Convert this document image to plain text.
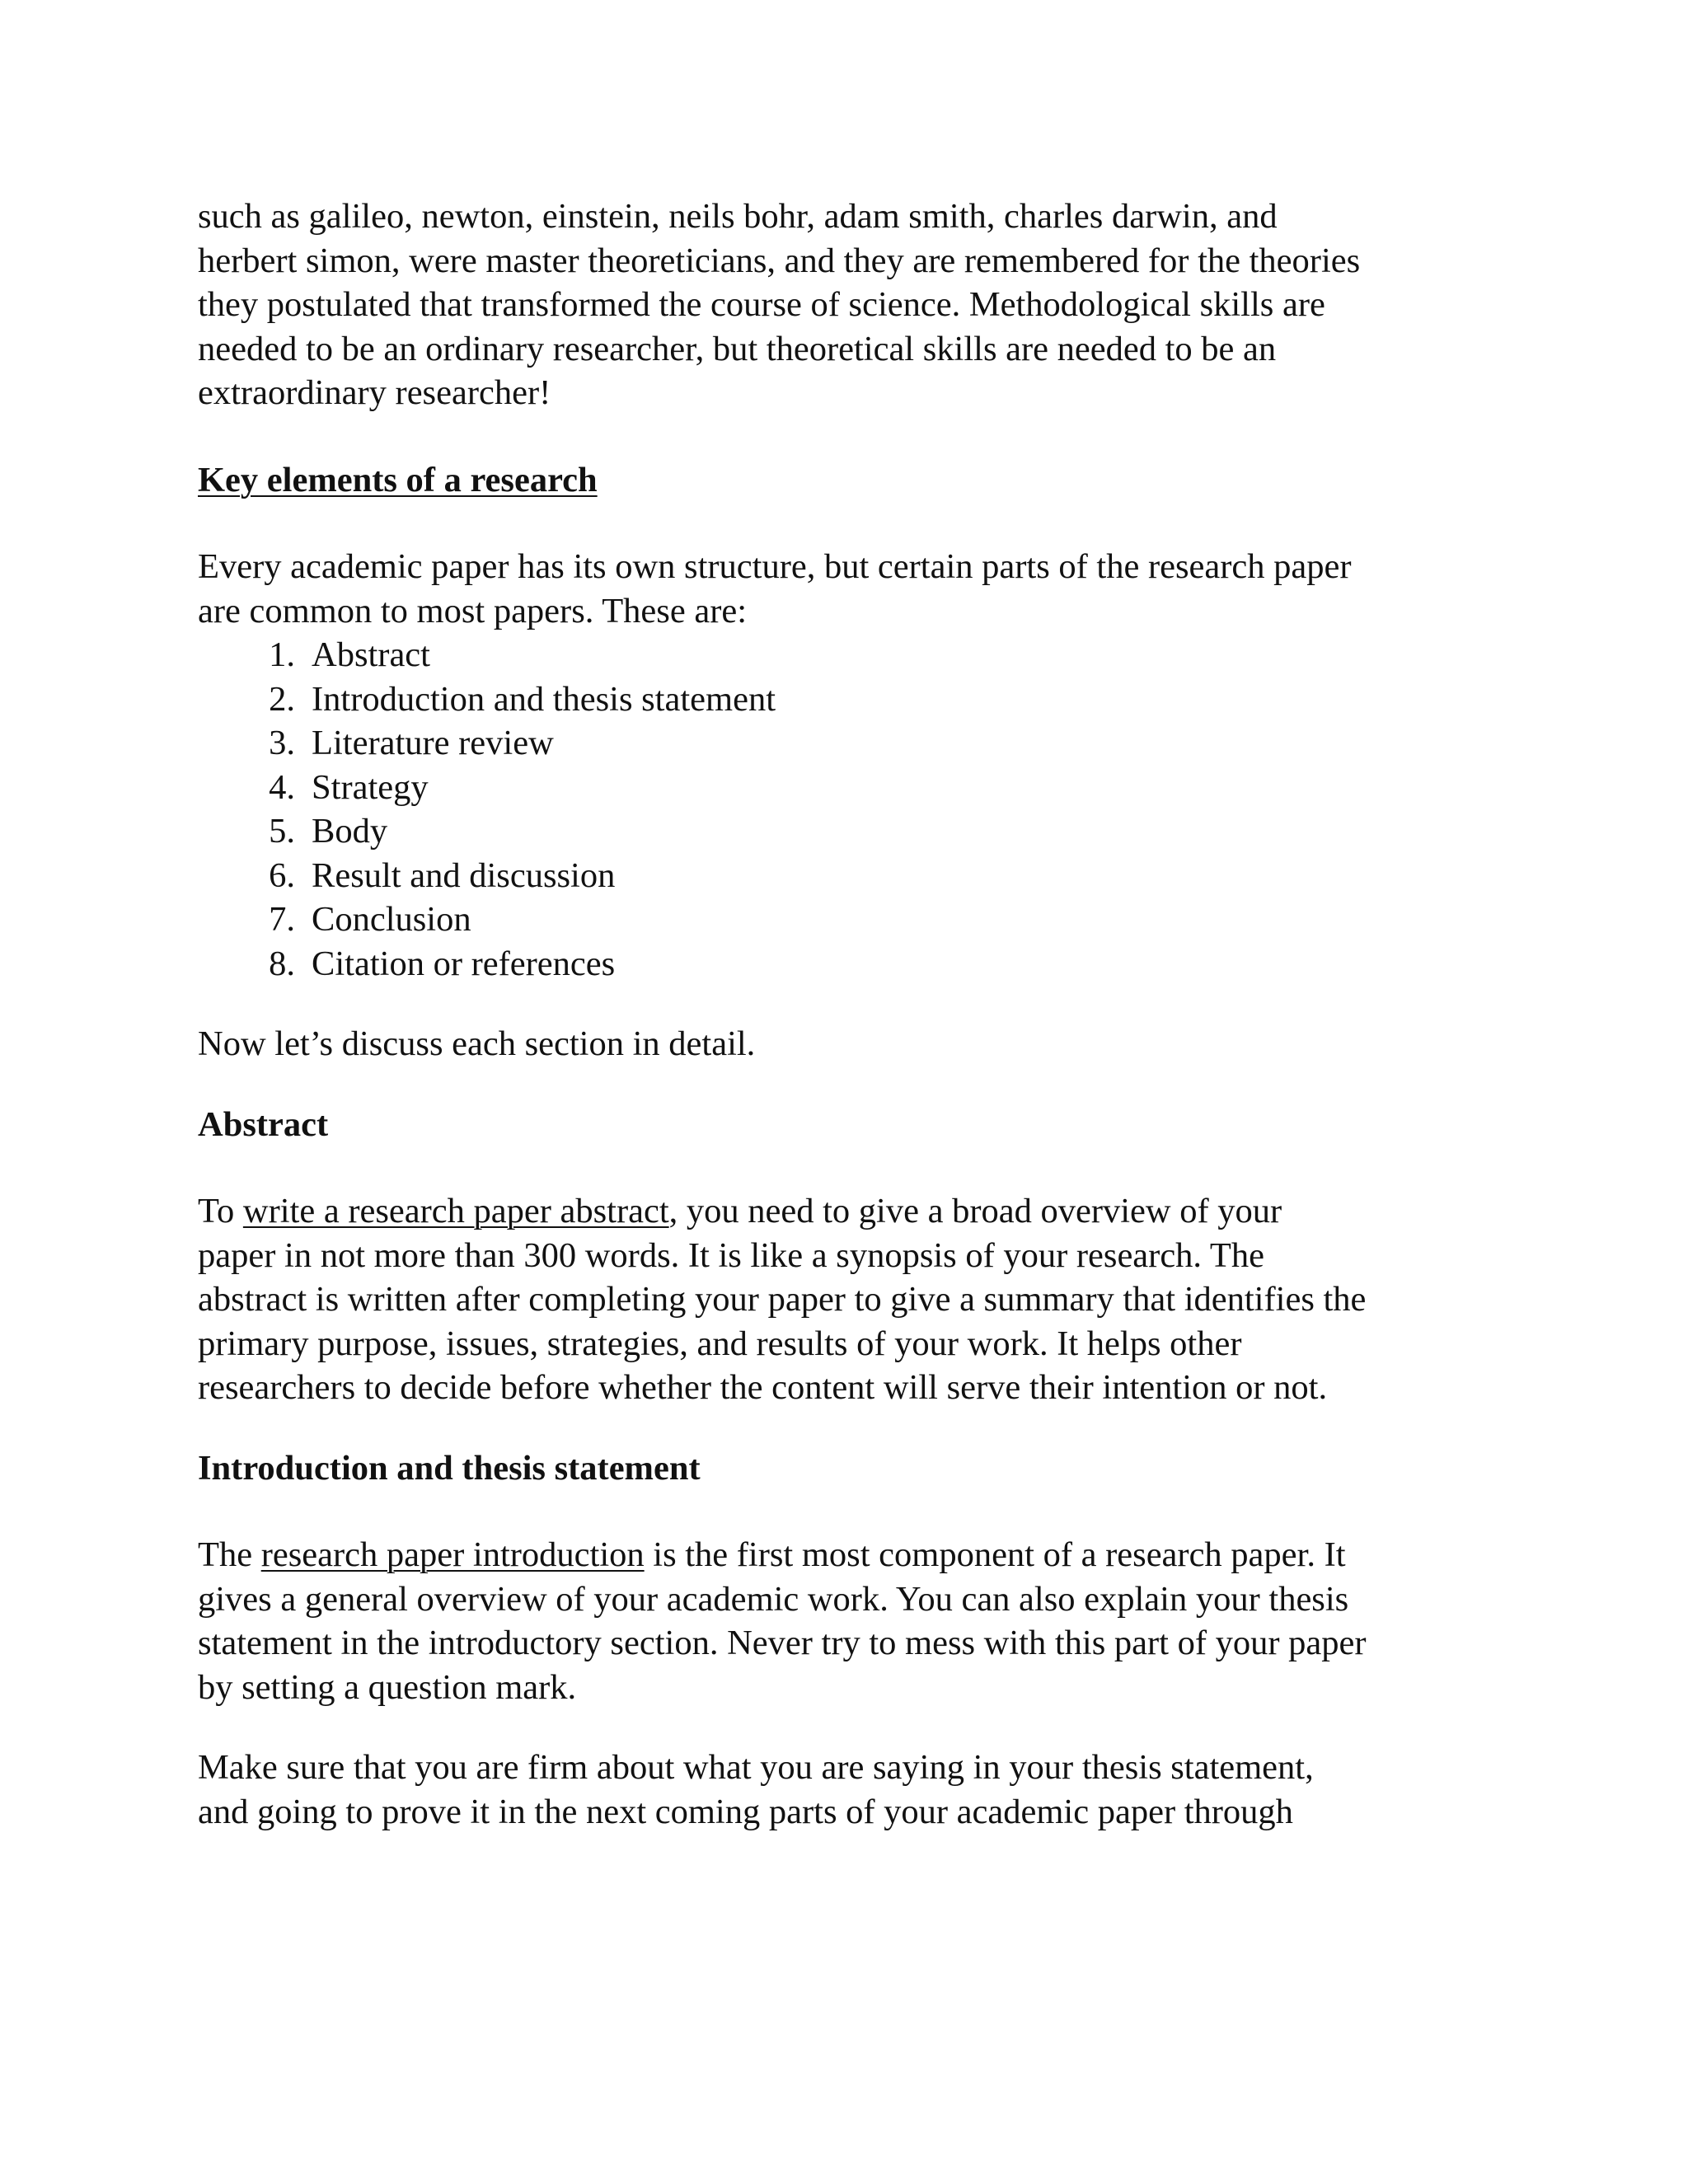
such as galileo, newton, einstein, neils bohr, adam smith, charles darwin, and
herbert simon, were master theoreticians, and they are remembered for the theories
they postulated that transformed the course of science. Methodological skills are
needed to be an ordinary researcher, but theoretical skills are needed to be an
extraordinary researcher!

Key elements of a research

Every academic paper has its own structure, but certain parts of the research paper
are common to most papers. These are:

1. Abstract
2. Introduction and thesis statement
3. Literature review
4. Strategy
5. Body
6. Result and discussion
7. Conclusion
8. Citation or references

Now let’s discuss each section in detail.

Abstract

To write a research paper abstract, you need to give a broad overview of your
paper in not more than 300 words. It is like a synopsis of your research. The
abstract is written after completing your paper to give a summary that identifies the
primary purpose, issues, strategies, and results of your work. It helps other
researchers to decide before whether the content will serve their intention or not.

Introduction and thesis statement

The research paper introduction is the first most component of a research paper. It
gives a general overview of your academic work. You can also explain your thesis
statement in the introductory section. Never try to mess with this part of your paper
by setting a question mark.

Make sure that you are firm about what you are saying in your thesis statement,
and going to prove it in the next coming parts of your academic paper through
